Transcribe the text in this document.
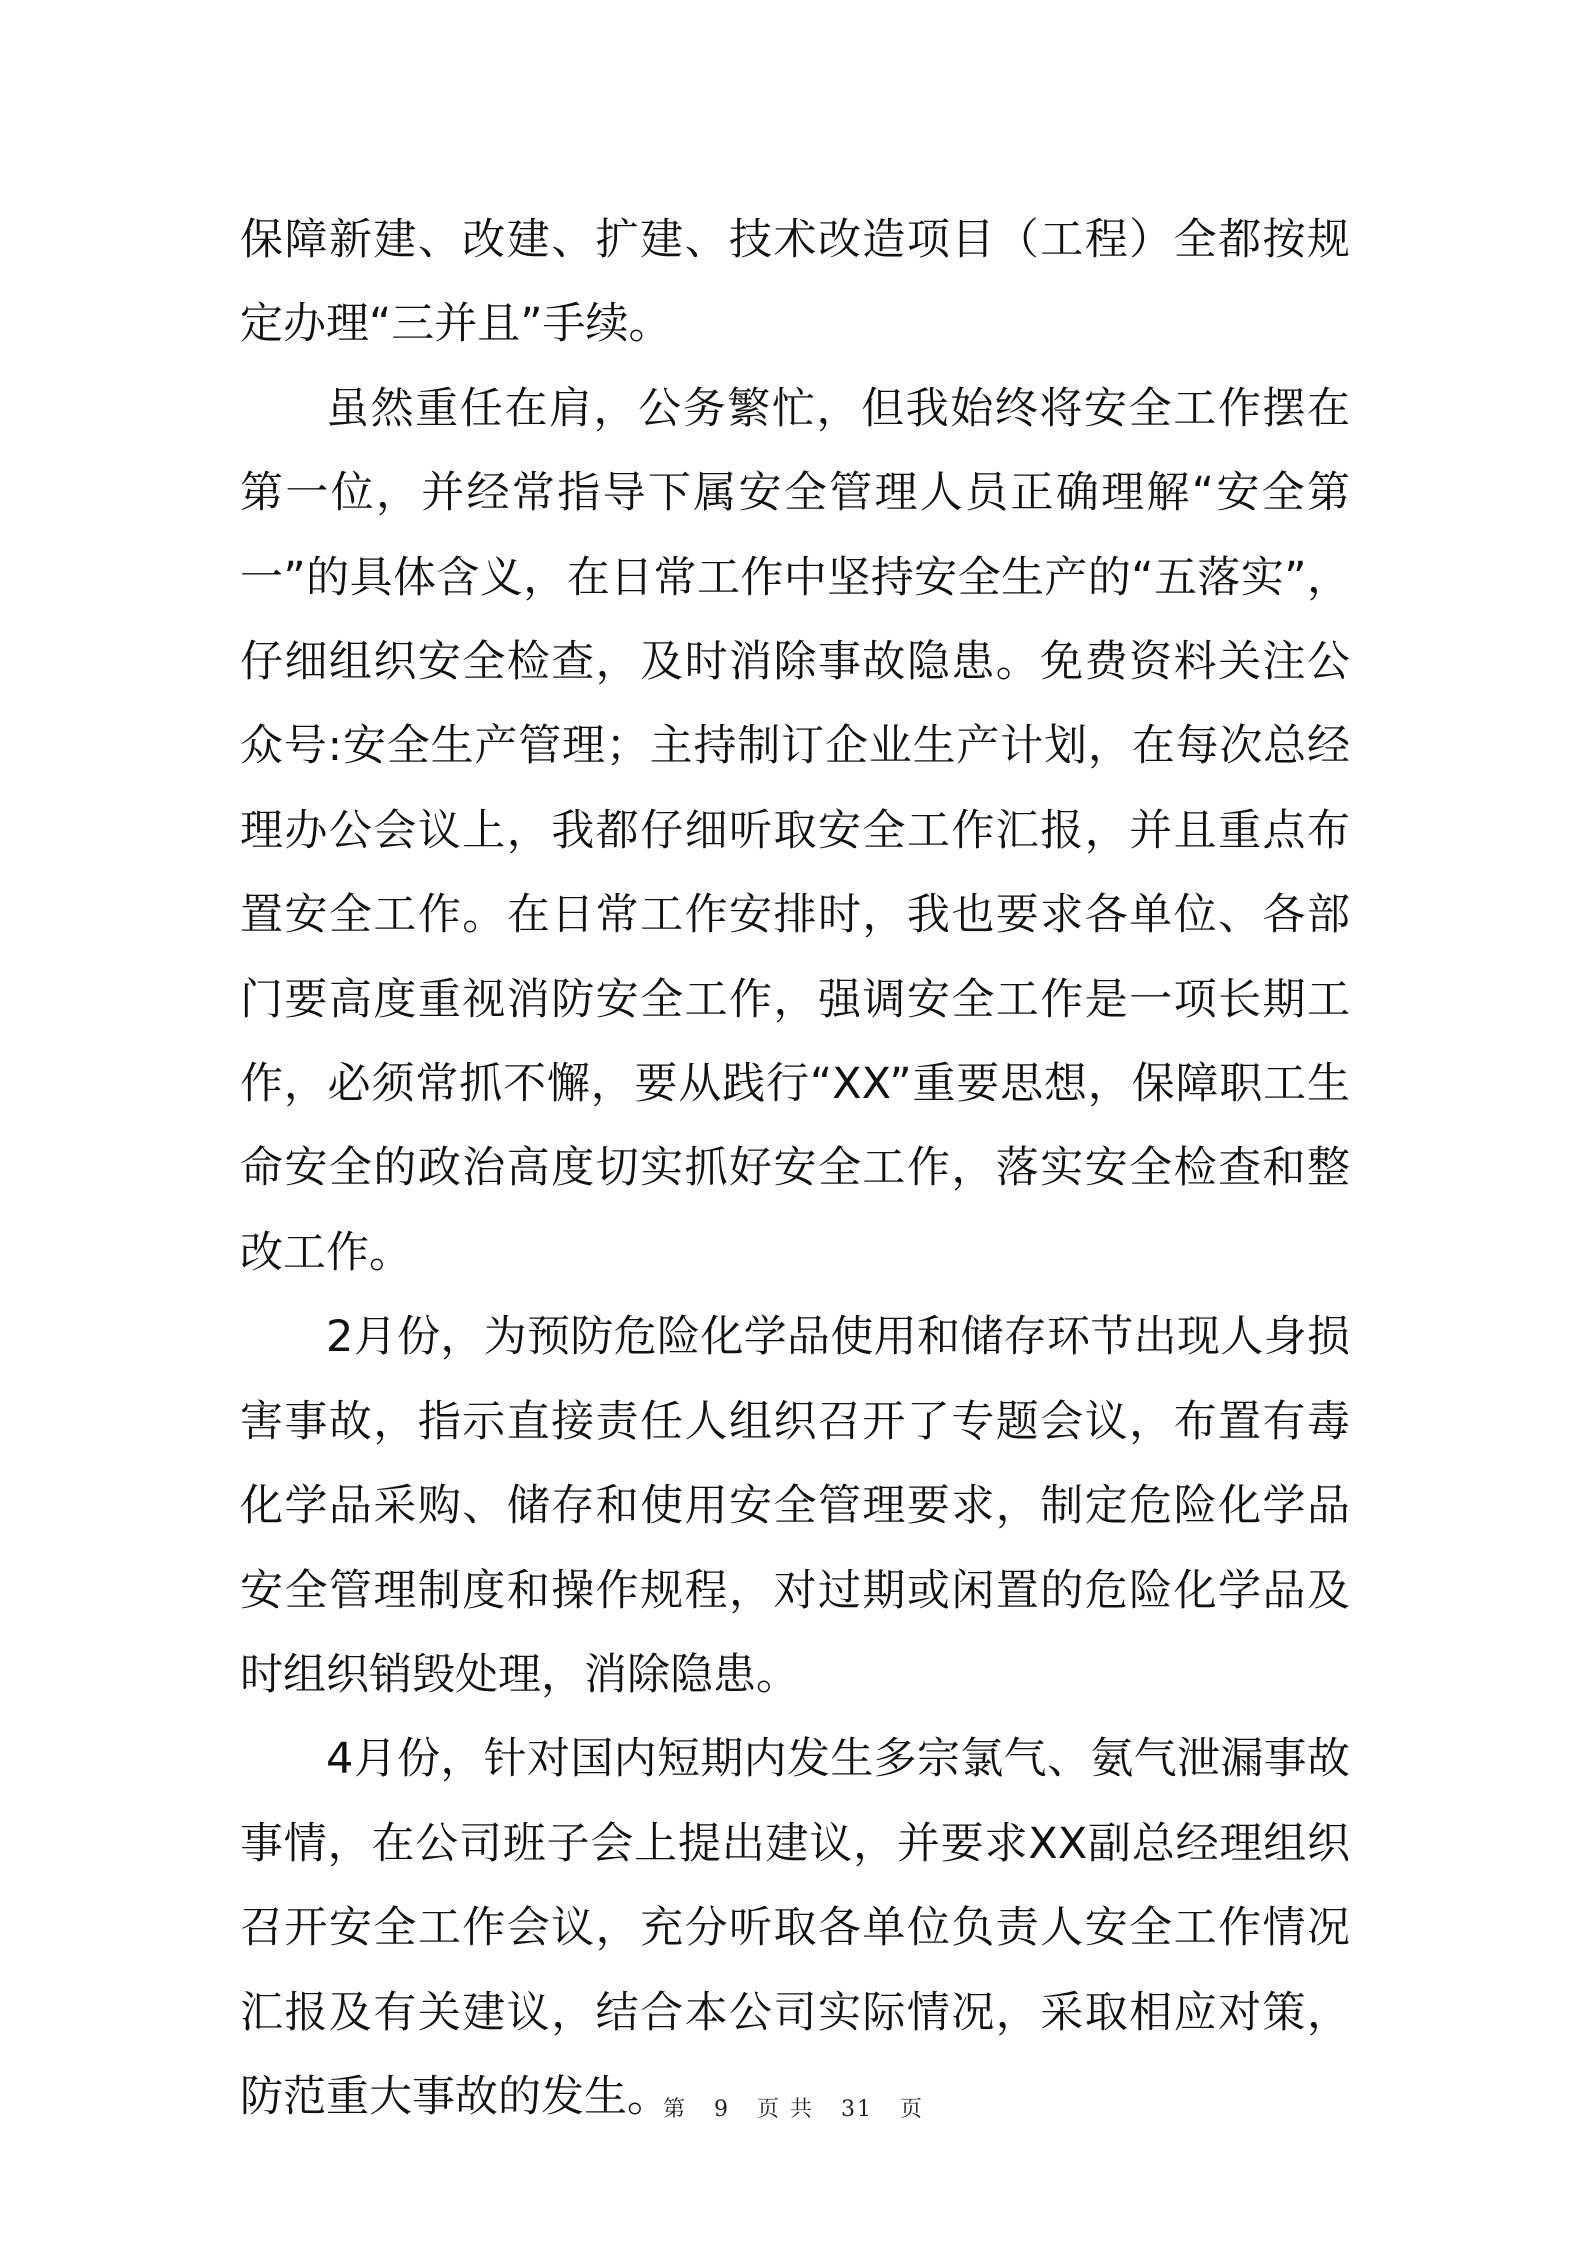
保障新建、改建、扩建、技术改造项目（工程）全都按规定办理“三并且”手续。

虽然重任在肩，公务繁忙，但我始终将安全工作摆在第一位，并经常指导下属安全管理人员正确理解“安全第一”的具体含义，在日常工作中坚持安全生产的“五落实”，仔细组织安全检查，及时消除事故隐患。免费资料关注公众号:安全生产管理；主持制订企业生产计划，在每次总经理办公会议上，我都仔细听取安全工作汇报，并且重点布置安全工作。在日常工作安排时，我也要求各单位、各部门要高度重视消防安全工作，强调安全工作是一项长期工作，必须常抓不懈，要从践行“XX”重要思想，保障职工生命安全的政治高度切实抓好安全工作，落实安全检查和整改工作。

2月份，为预防危险化学品使用和储存环节出现人身损害事故，指示直接责任人组织召开了专题会议，布置有毒化学品采购、储存和使用安全管理要求，制定危险化学品安全管理制度和操作规程，对过期或闲置的危险化学品及时组织销毁处理，消除隐患。

4月份，针对国内短期内发生多宗氯气、氨气泄漏事故事情，在公司班子会上提出建议，并要求XX副总经理组织召开安全工作会议，充分听取各单位负责人安全工作情况汇报及有关建议，结合本公司实际情况，采取相应对策，防范重大事故的发生。

第 9 页 共 31 页
